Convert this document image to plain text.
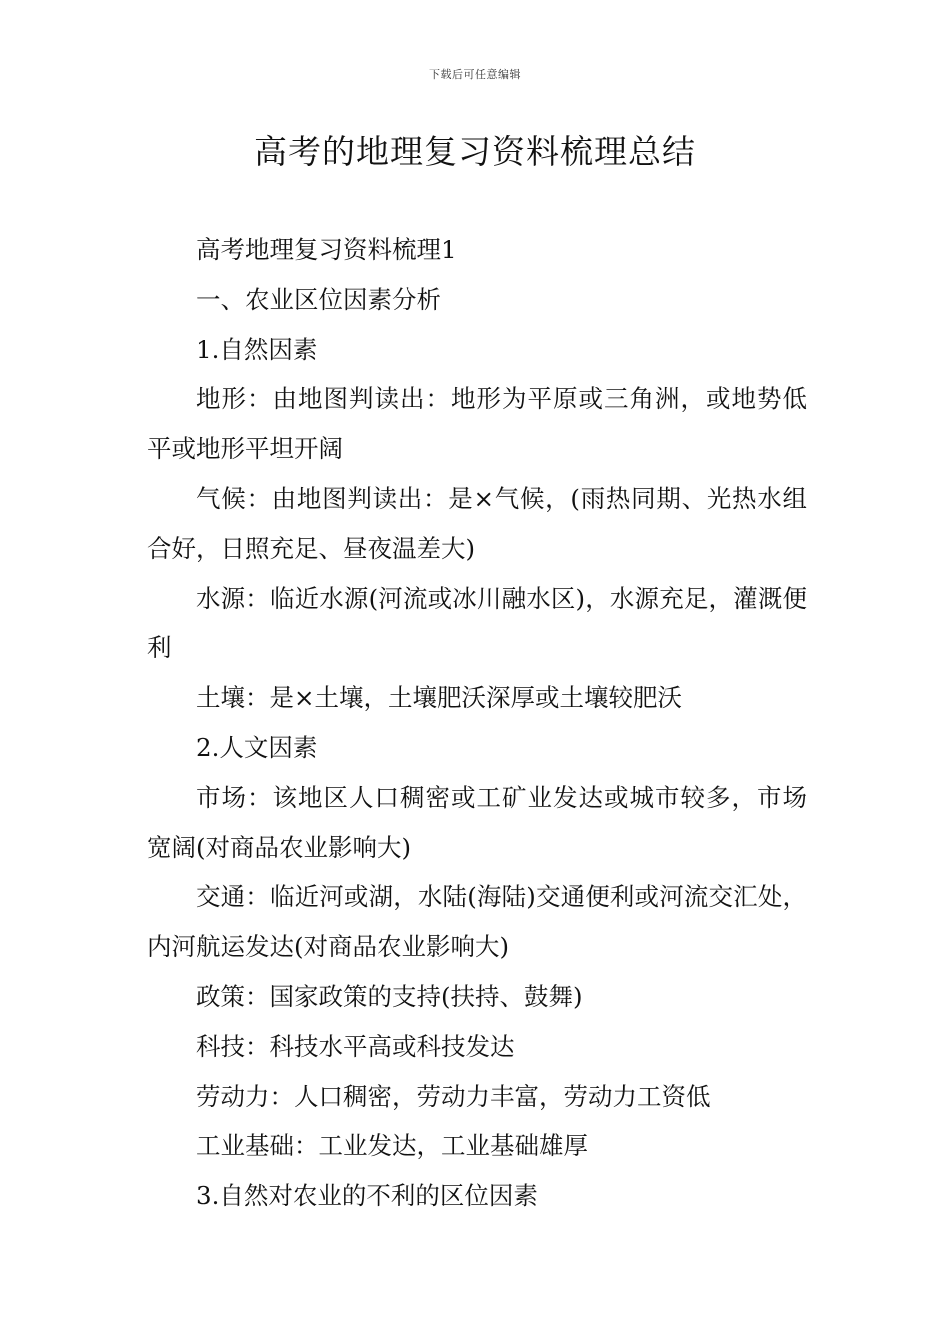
下载后可任意编辑
高考的地理复习资料梳理总结

高考地理复习资料梳理1

一、农业区位因素分析

1.自然因素

地形：由地图判读出：地形为平原或三角洲，或地势低平或地形平坦开阔

气候：由地图判读出：是×气候，(雨热同期、光热水组合好，日照充足、昼夜温差大)

水源：临近水源(河流或冰川融水区)，水源充足，灌溉便利

土壤：是×土壤，土壤肥沃深厚或土壤较肥沃

2.人文因素

市场：该地区人口稠密或工矿业发达或城市较多，市场宽阔(对商品农业影响大)

交通：临近河或湖，水陆(海陆)交通便利或河流交汇处，内河航运发达(对商品农业影响大)

政策：国家政策的支持(扶持、鼓舞)

科技：科技水平高或科技发达

劳动力：人口稠密，劳动力丰富，劳动力工资低

工业基础：工业发达，工业基础雄厚

3.自然对农业的不利的区位因素
